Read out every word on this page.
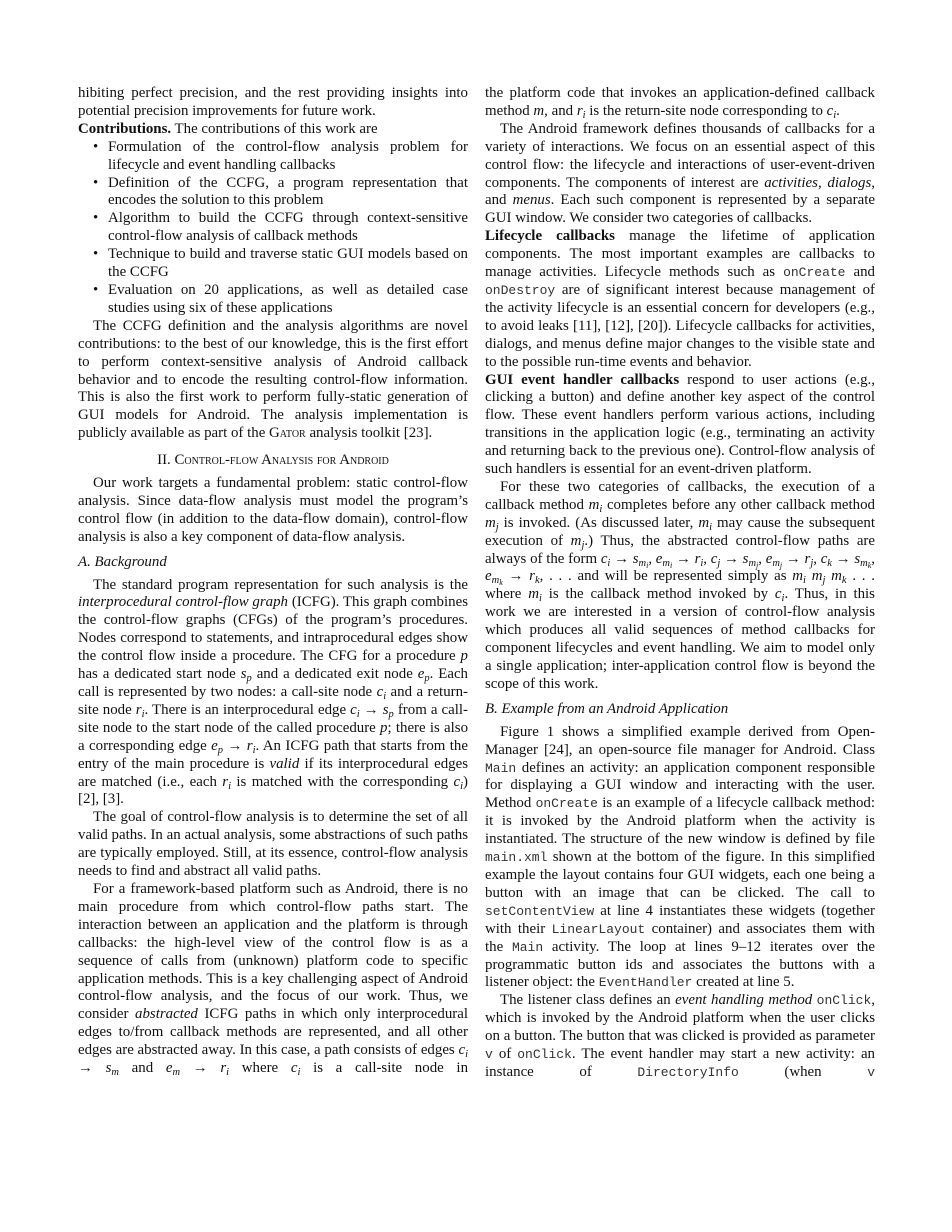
hibiting perfect precision, and the rest providing insights into potential precision improvements for future work.
Contributions. The contributions of this work are
• Formulation of the control-flow analysis problem for lifecycle and event handling callbacks
• Definition of the CCFG, a program representation that encodes the solution to this problem
• Algorithm to build the CCFG through context-sensitive control-flow analysis of callback methods
• Technique to build and traverse static GUI models based on the CCFG
• Evaluation on 20 applications, as well as detailed case studies using six of these applications
The CCFG definition and the analysis algorithms are novel contributions: to the best of our knowledge, this is the first effort to perform context-sensitive analysis of Android callback behavior and to encode the resulting control-flow information. This is also the first work to perform fully-static generation of GUI models for Android. The analysis implementation is publicly available as part of the Gator analysis toolkit [23].
II. Control-flow Analysis for Android
Our work targets a fundamental problem: static control-flow analysis. Since data-flow analysis must model the program’s control flow (in addition to the data-flow domain), control-flow analysis is also a key component of data-flow analysis.
A. Background
The standard program representation for such analysis is the interprocedural control-flow graph (ICFG). This graph combines the control-flow graphs (CFGs) of the program’s procedures. Nodes correspond to statements, and intraprocedural edges show the control flow inside a procedure. The CFG for a procedure p has a dedicated start node $s_p$ and a dedicated exit node $e_p$. Each call is represented by two nodes: a call-site node $c_i$ and a return-site node $r_i$. There is an interprocedural edge $c_i \to s_p$ from a call-site node to the start node of the called procedure p; there is also a corresponding edge $e_p \to r_i$. An ICFG path that starts from the entry of the main procedure is valid if its interprocedural edges are matched (i.e., each $r_i$ is matched with the corresponding $c_i$) [2], [3].
The goal of control-flow analysis is to determine the set of all valid paths. In an actual analysis, some abstractions of such paths are typically employed. Still, at its essence, control-flow analysis needs to find and abstract all valid paths.
For a framework-based platform such as Android, there is no main procedure from which control-flow paths start. The interaction between an application and the platform is through callbacks: the high-level view of the control flow is as a sequence of calls from (unknown) platform code to specific application methods. This is a key challenging aspect of Android control-flow analysis, and the focus of our work. Thus, we consider abstracted ICFG paths in which only interprocedural edges to/from callback methods are represented, and all other edges are abstracted away. In this case, a path consists of edges $c_i \to s_m$ and $e_m \to r_i$ where $c_i$ is a call-site node in
the platform code that invokes an application-defined callback method m, and $r_i$ is the return-site node corresponding to $c_i$.
The Android framework defines thousands of callbacks for a variety of interactions. We focus on an essential aspect of this control flow: the lifecycle and interactions of user-event-driven components. The components of interest are activities, dialogs, and menus. Each such component is represented by a separate GUI window. We consider two categories of callbacks.
Lifecycle callbacks manage the lifetime of application components. The most important examples are callbacks to manage activities. Lifecycle methods such as onCreate and onDestroy are of significant interest because management of the activity lifecycle is an essential concern for developers (e.g., to avoid leaks [11], [12], [20]). Lifecycle callbacks for activities, dialogs, and menus define major changes to the visible state and to the possible run-time events and behavior.
GUI event handler callbacks respond to user actions (e.g., clicking a button) and define another key aspect of the control flow. These event handlers perform various actions, including transitions in the application logic (e.g., terminating an activity and returning back to the previous one). Control-flow analysis of such handlers is essential for an event-driven platform.
For these two categories of callbacks, the execution of a callback method $m_i$ completes before any other callback method $m_j$ is invoked. (As discussed later, $m_i$ may cause the subsequent execution of $m_j$.) Thus, the abstracted control-flow paths are always of the form $c_i \to s_{mi}$, $e_{mi} \to r_i$, $c_j \to s_{mj}$, $e_{mj} \to r_j$, $c_k \to s_{mk}$, $e_{mk} \to r_k$, . . . and will be represented simply as $m_i$ $m_j$ $m_k$ . . . where $m_i$ is the callback method invoked by $c_i$. Thus, in this work we are interested in a version of control-flow analysis which produces all valid sequences of method callbacks for component lifecycles and event handling. We aim to model only a single application; inter-application control flow is beyond the scope of this work.
B. Example from an Android Application
Figure 1 shows a simplified example derived from Open-Manager [24], an open-source file manager for Android. Class Main defines an activity: an application component responsible for displaying a GUI window and interacting with the user. Method onCreate is an example of a lifecycle callback method: it is invoked by the Android platform when the activity is instantiated. The structure of the new window is defined by file main.xml shown at the bottom of the figure. In this simplified example the layout contains four GUI widgets, each one being a button with an image that can be clicked. The call to setContentView at line 4 instantiates these widgets (together with their LinearLayout container) and associates them with the Main activity. The loop at lines 9–12 iterates over the programmatic button ids and associates the buttons with a listener object: the EventHandler created at line 5.
The listener class defines an event handling method onClick, which is invoked by the Android platform when the user clicks on a button. The button that was clicked is provided as parameter v of onClick. The event handler may start a new activity: an instance of DirectoryInfo (when v
